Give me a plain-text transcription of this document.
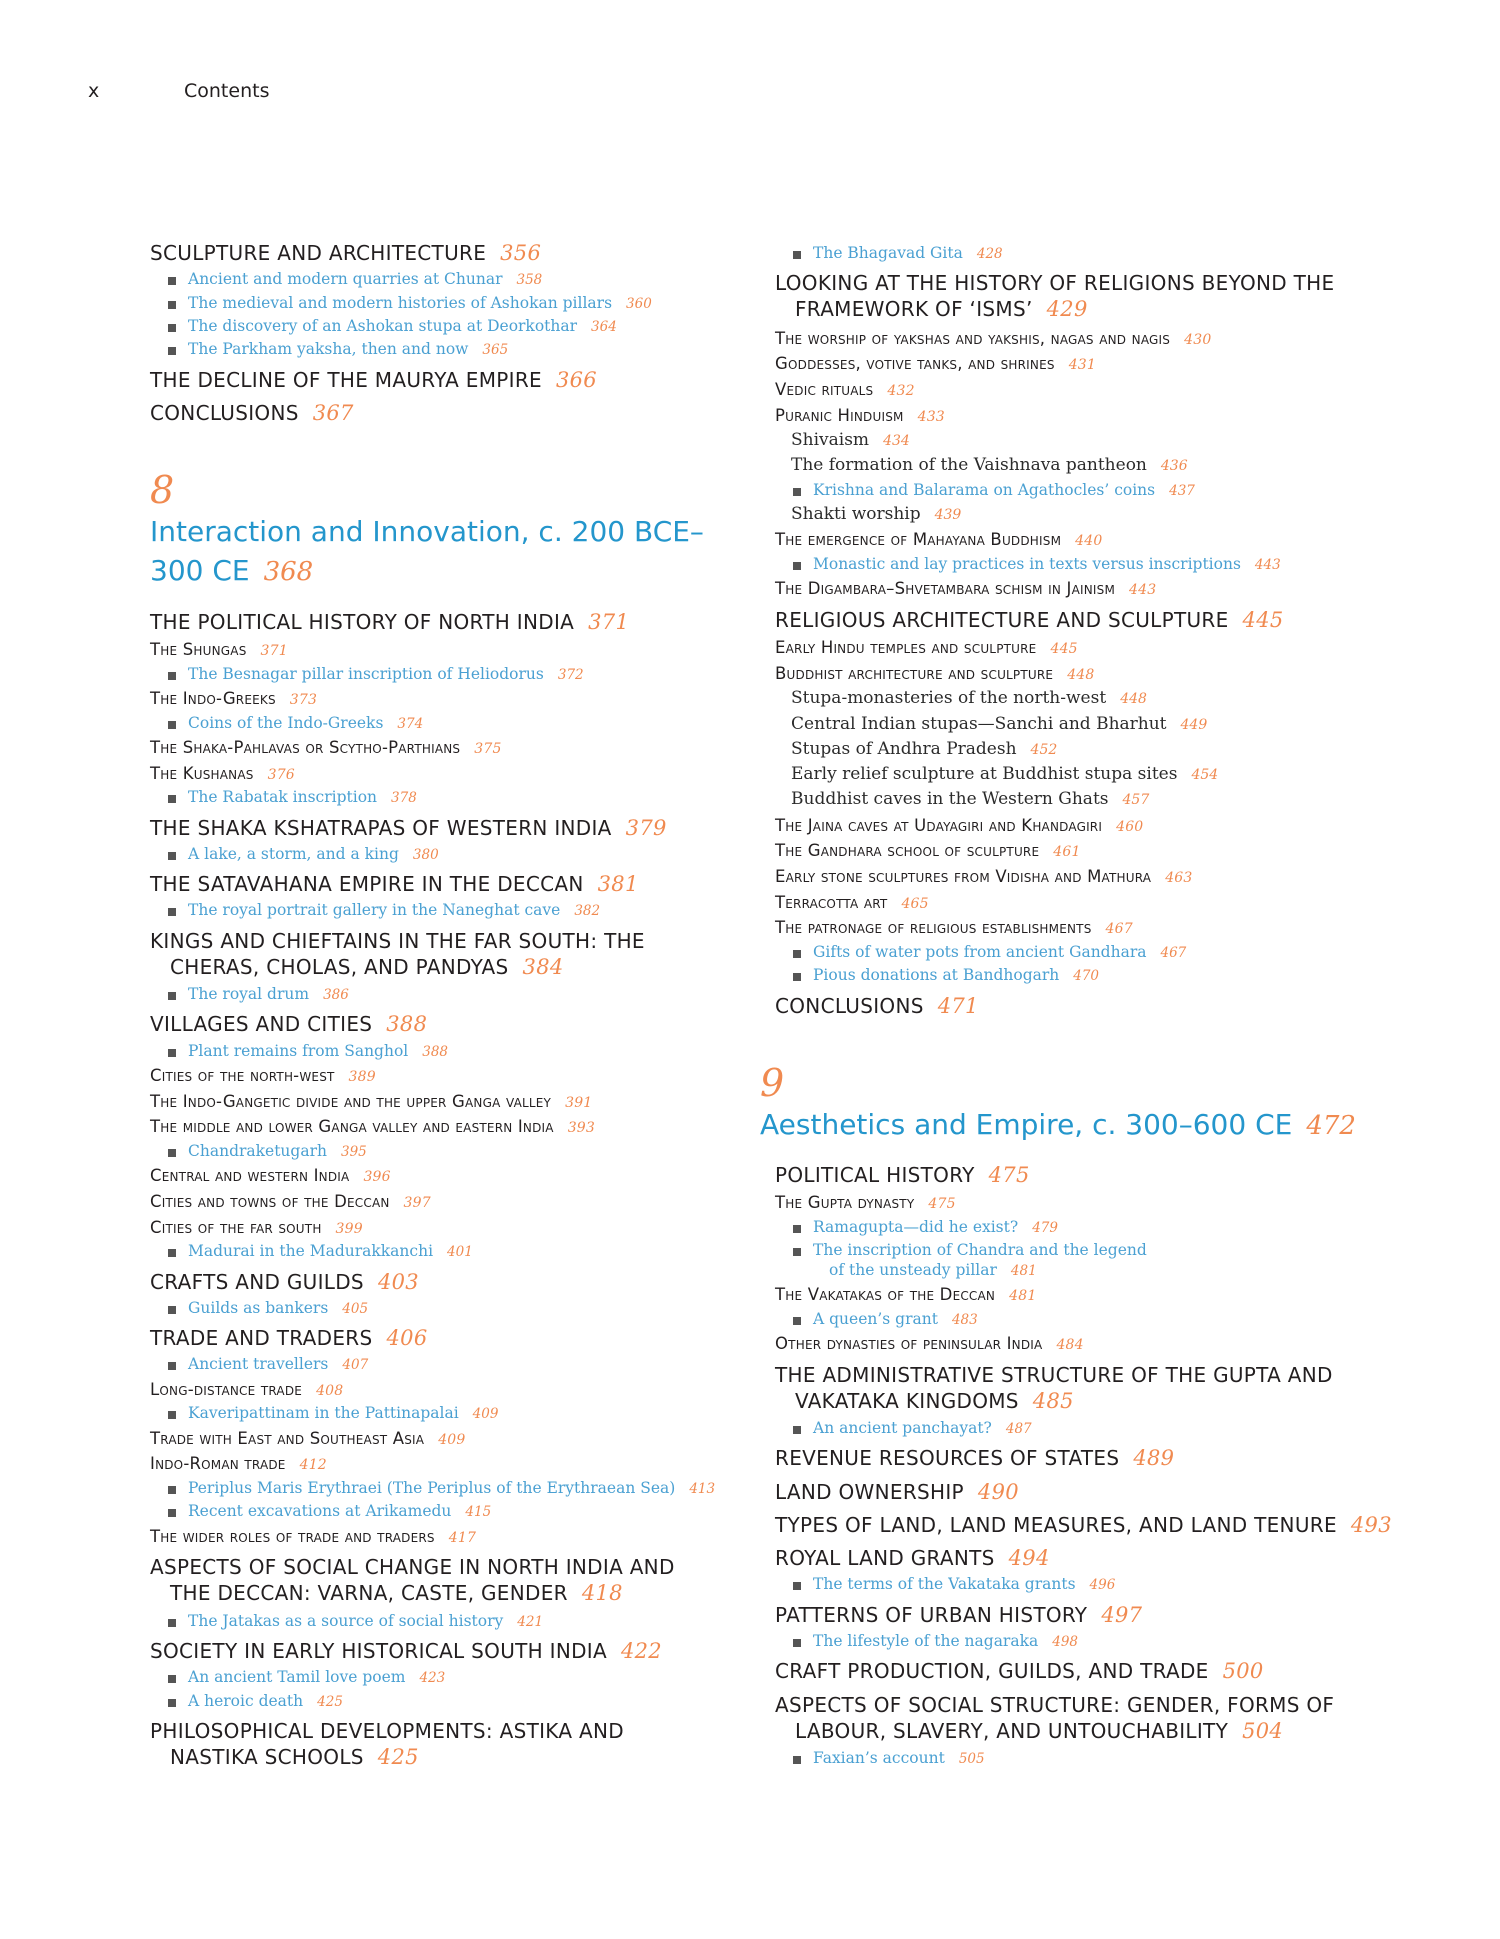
x	Contents
SCULPTURE AND ARCHITECTURE 356
Ancient and modern quarries at Chunar 358
The medieval and modern histories of Ashokan pillars 360
The discovery of an Ashokan stupa at Deorkothar 364
The Parkham yaksha, then and now 365
THE DECLINE OF THE MAURYA EMPIRE 366
CONCLUSIONS 367
8
Interaction and Innovation, c. 200 BCE–300 CE 368
THE POLITICAL HISTORY OF NORTH INDIA 371
The Shungas 371
The Besnagar pillar inscription of Heliodorus 372
The Indo-Greeks 373
Coins of the Indo-Greeks 374
The Shaka-Pahlavas or Scytho-Parthians 375
The Kushanas 376
The Rabatak inscription 378
THE SHAKA KSHATRAPAS OF WESTERN INDIA 379
A lake, a storm, and a king 380
THE SATAVAHANA EMPIRE IN THE DECCAN 381
The royal portrait gallery in the Naneghat cave 382
KINGS AND CHIEFTAINS IN THE FAR SOUTH: THE CHERAS, CHOLAS, AND PANDYAS 384
The royal drum 386
VILLAGES AND CITIES 388
Plant remains from Sanghol 388
Cities of the north-west 389
The Indo-Gangetic divide and the upper Ganga valley 391
The middle and lower Ganga valley and eastern India 393
Chandraketugarh 395
Central and western India 396
Cities and towns of the Deccan 397
Cities of the far south 399
Madurai in the Madurakkanchi 401
CRAFTS AND GUILDS 403
Guilds as bankers 405
TRADE AND TRADERS 406
Ancient travellers 407
Long-distance trade 408
Kaveripattinam in the Pattinapalai 409
Trade with East and Southeast Asia 409
Indo-Roman trade 412
Periplus Maris Erythraei (The Periplus of the Erythraean Sea) 413
Recent excavations at Arikamedu 415
The wider roles of trade and traders 417
ASPECTS OF SOCIAL CHANGE IN NORTH INDIA AND THE DECCAN: VARNA, CASTE, GENDER 418
The Jatakas as a source of social history 421
SOCIETY IN EARLY HISTORICAL SOUTH INDIA 422
An ancient Tamil love poem 423
A heroic death 425
PHILOSOPHICAL DEVELOPMENTS: ASTIKA AND NASTIKA SCHOOLS 425
The Bhagavad Gita 428
LOOKING AT THE HISTORY OF RELIGIONS BEYOND THE FRAMEWORK OF ‘ISMS’ 429
The worship of yakshas and yakshis, nagas and nagis 430
Goddesses, votive tanks, and shrines 431
Vedic rituals 432
Puranic Hinduism 433
Shivaism 434
The formation of the Vaishnava pantheon 436
Krishna and Balarama on Agathocles’ coins 437
Shakti worship 439
The emergence of Mahayana Buddhism 440
Monastic and lay practices in texts versus inscriptions 443
The Digambara–Shvetambara schism in Jainism 443
RELIGIOUS ARCHITECTURE AND SCULPTURE 445
Early Hindu temples and sculpture 445
Buddhist architecture and sculpture 448
Stupa-monasteries of the north-west 448
Central Indian stupas—Sanchi and Bharhut 449
Stupas of Andhra Pradesh 452
Early relief sculpture at Buddhist stupa sites 454
Buddhist caves in the Western Ghats 457
The Jaina caves at Udayagiri and Khandagiri 460
The Gandhara school of sculpture 461
Early stone sculptures from Vidisha and Mathura 463
Terracotta art 465
The patronage of religious establishments 467
Gifts of water pots from ancient Gandhara 467
Pious donations at Bandhogarh 470
CONCLUSIONS 471
9
Aesthetics and Empire, c. 300–600 CE 472
POLITICAL HISTORY 475
The Gupta dynasty 475
Ramagupta—did he exist? 479
The inscription of Chandra and the legend
of the unsteady pillar 481
The Vakatakas of the Deccan 481
A queen’s grant 483
Other dynasties of peninsular India 484
THE ADMINISTRATIVE STRUCTURE OF THE GUPTA AND VAKATAKA KINGDOMS 485
An ancient panchayat? 487
REVENUE RESOURCES OF STATES 489
LAND OWNERSHIP 490
TYPES OF LAND, LAND MEASURES, AND LAND TENURE 493
ROYAL LAND GRANTS 494
The terms of the Vakataka grants 496
PATTERNS OF URBAN HISTORY 497
The lifestyle of the nagaraka 498
CRAFT PRODUCTION, GUILDS, AND TRADE 500
ASPECTS OF SOCIAL STRUCTURE: GENDER, FORMS OF LABOUR, SLAVERY, AND UNTOUCHABILITY 504
Faxian’s account 505
